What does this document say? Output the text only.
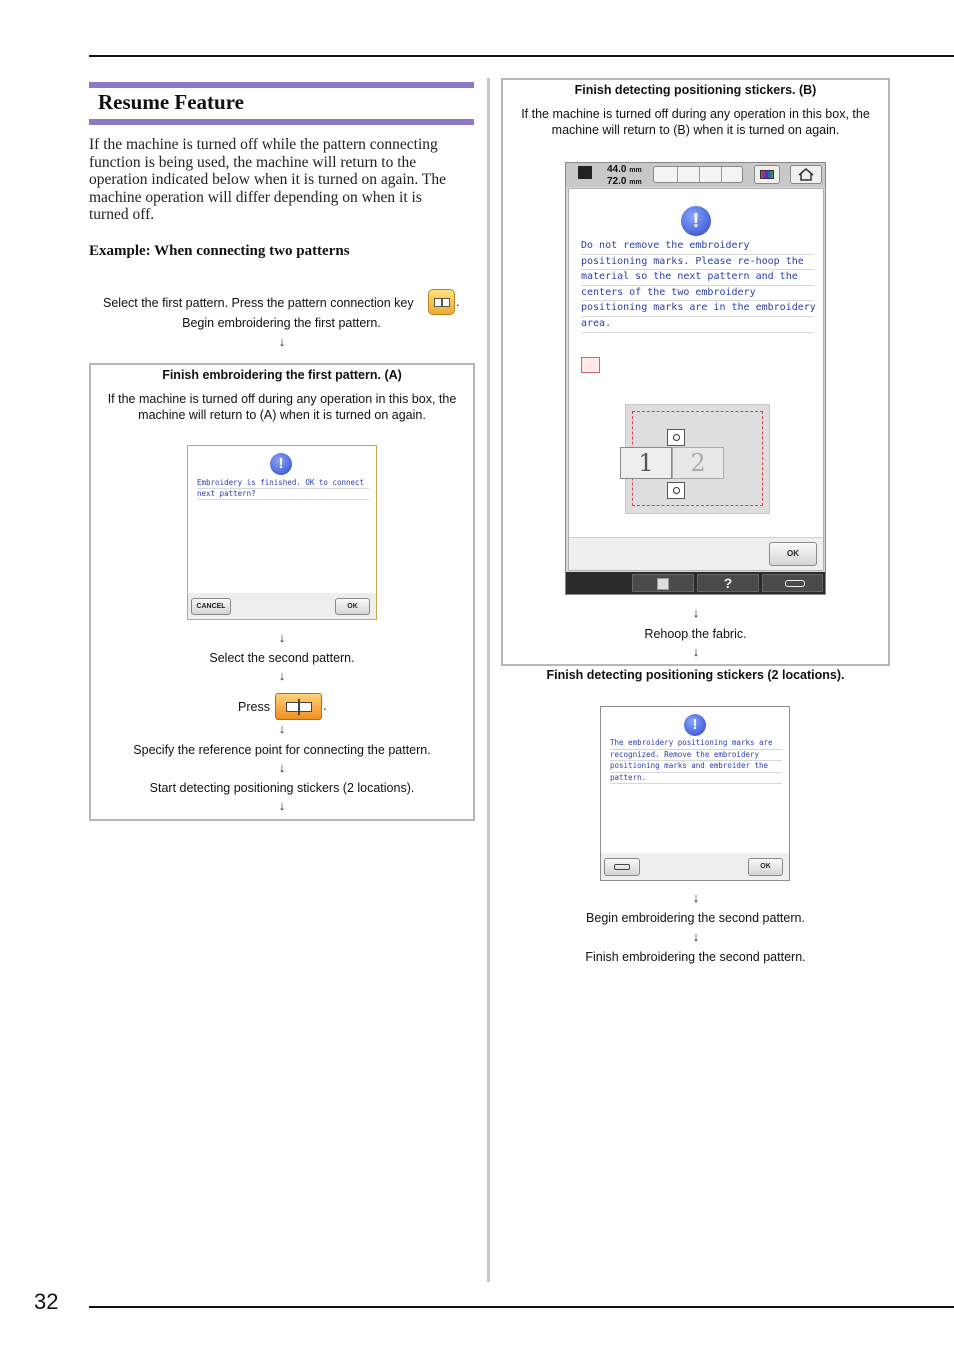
Resume Feature
If the machine is turned off while the pattern connecting function is being used, the machine will return to the operation indicated below when it is turned on again. The machine operation will differ depending on when it is turned off.
Example: When connecting two patterns
Select the first pattern. Press the pattern connection key	.
Begin embroidering the first pattern.
↓
Finish embroidering the first pattern. (A)
If the machine is turned off during any operation in this box, the
machine will return to (A) when it is turned on again.
!
Embroidery is finished. OK to connect
next pattern?
CANCEL	OK
↓
Select the second pattern.
↓
Press	.
↓
Specify the reference point for connecting the pattern.
↓
Start detecting positioning stickers (2 locations).
↓
Finish detecting positioning stickers. (B)
If the machine is turned off during any operation in this box, the
machine will return to (B) when it is turned on again.
44.0 mm
72.0 mm
!
Do not remove the embroidery
positioning marks. Please re-hoop the
material so the next pattern and the
centers of the two embroidery
positioning marks are in the embroidery
area.
1	2
OK
?
↓
Rehoop the fabric.
↓
Finish detecting positioning stickers (2 locations).
!
The embroidery positioning marks are
recognized. Remove the embroidery
positioning marks and embroider the
pattern.
OK
↓
Begin embroidering the second pattern.
↓
Finish embroidering the second pattern.
32
